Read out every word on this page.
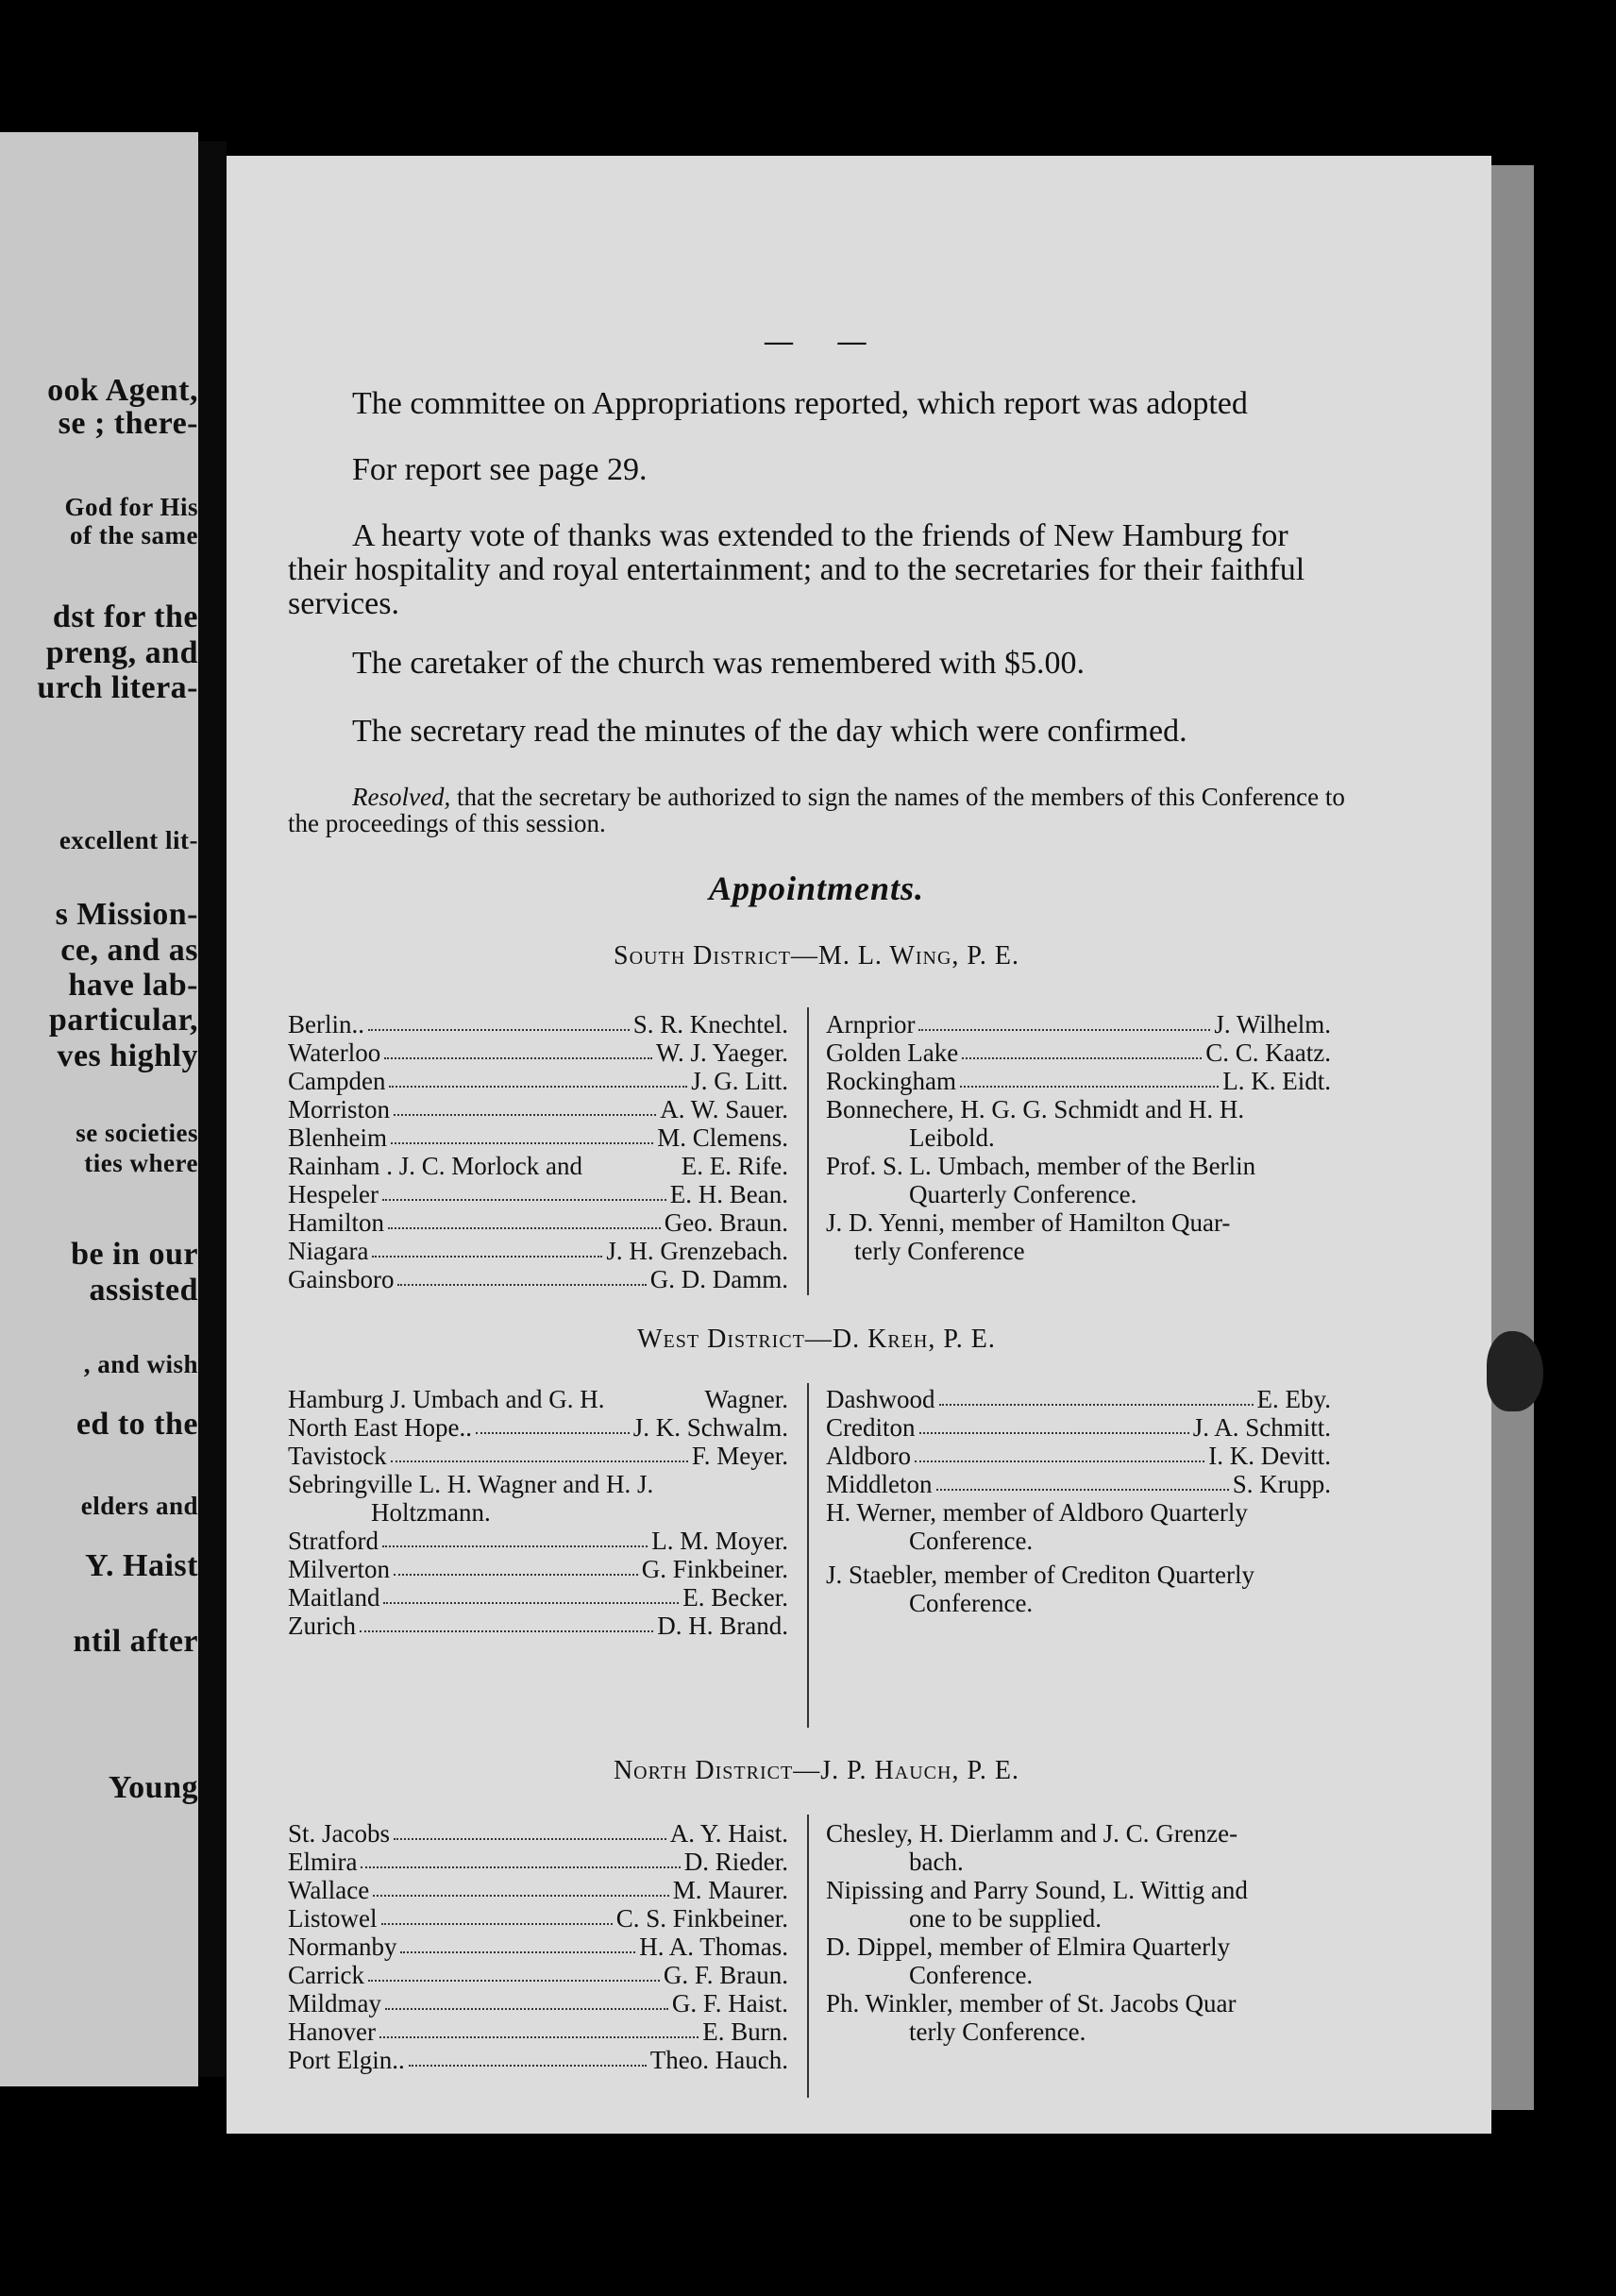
ook Agent,
se ; there-
God for His
of the same
dst for the
preng, and
urch litera-
excellent lit-
s Mission-
ce, and as
have lab-
particular,
ves highly
se societies
ties where
be in our
assisted
, and wish
ed to the
elders and
Y. Haist
ntil after
Young
— —
The committee on Appropriations reported, which report was adopted
For report see page 29.
A hearty vote of thanks was extended to the friends of New Hamburg for their hospitality and royal entertainment; and to the secretaries for their faithful services.
The caretaker of the church was remembered with $5.00.
The secretary read the minutes of the day which were confirmed.
Resolved, that the secretary be authorized to sign the names of the members of this Conference to the proceedings of this session.
Appointments.
South District—M. L. Wing, P. E.
Berlin..	S. R. Knechtel.
Waterloo	W. J. Yaeger.
Campden	J. G. Litt.
Morriston	A. W. Sauer.
Blenheim	M. Clemens.
Rainham . J. C. Morlock and	E. E. Rife.
Hespeler	E. H. Bean.
Hamilton	Geo. Braun.
Niagara	J. H. Grenzebach.
Gainsboro	G. D. Damm.
Arnprior	J. Wilhelm.
Golden Lake	C. C. Kaatz.
Rockingham	L. K. Eidt.
Bonnechere, H. G. G. Schmidt and H. H.
Leibold.
Prof. S. L. Umbach, member of the Berlin
Quarterly Conference.
J. D. Yenni, member of Hamilton Quar-
terly Conference
West District—D. Kreh, P. E.
Hamburg J. Umbach and G. H.	Wagner.
North East Hope..	J. K. Schwalm.
Tavistock	F. Meyer.
Sebringville L. H. Wagner and H. J.
Holtzmann.
Stratford	L. M. Moyer.
Milverton	G. Finkbeiner.
Maitland	E. Becker.
Zurich	D. H. Brand.
Dashwood	E. Eby.
Crediton	J. A. Schmitt.
Aldboro	I. K. Devitt.
Middleton	S. Krupp.
H. Werner, member of Aldboro Quarterly
Conference.
J. Staebler, member of Crediton Quarterly
Conference.
North District—J. P. Hauch, P. E.
St. Jacobs	A. Y. Haist.
Elmira	D. Rieder.
Wallace	M. Maurer.
Listowel	C. S. Finkbeiner.
Normanby	H. A. Thomas.
Carrick	G. F. Braun.
Mildmay	G. F. Haist.
Hanover	E. Burn.
Port Elgin..	Theo. Hauch.
Chesley, H. Dierlamm and J. C. Grenze-
bach.
Nipissing and Parry Sound, L. Wittig and
one to be supplied.
D. Dippel, member of Elmira Quarterly
Conference.
Ph. Winkler, member of St. Jacobs Quar
terly Conference.
